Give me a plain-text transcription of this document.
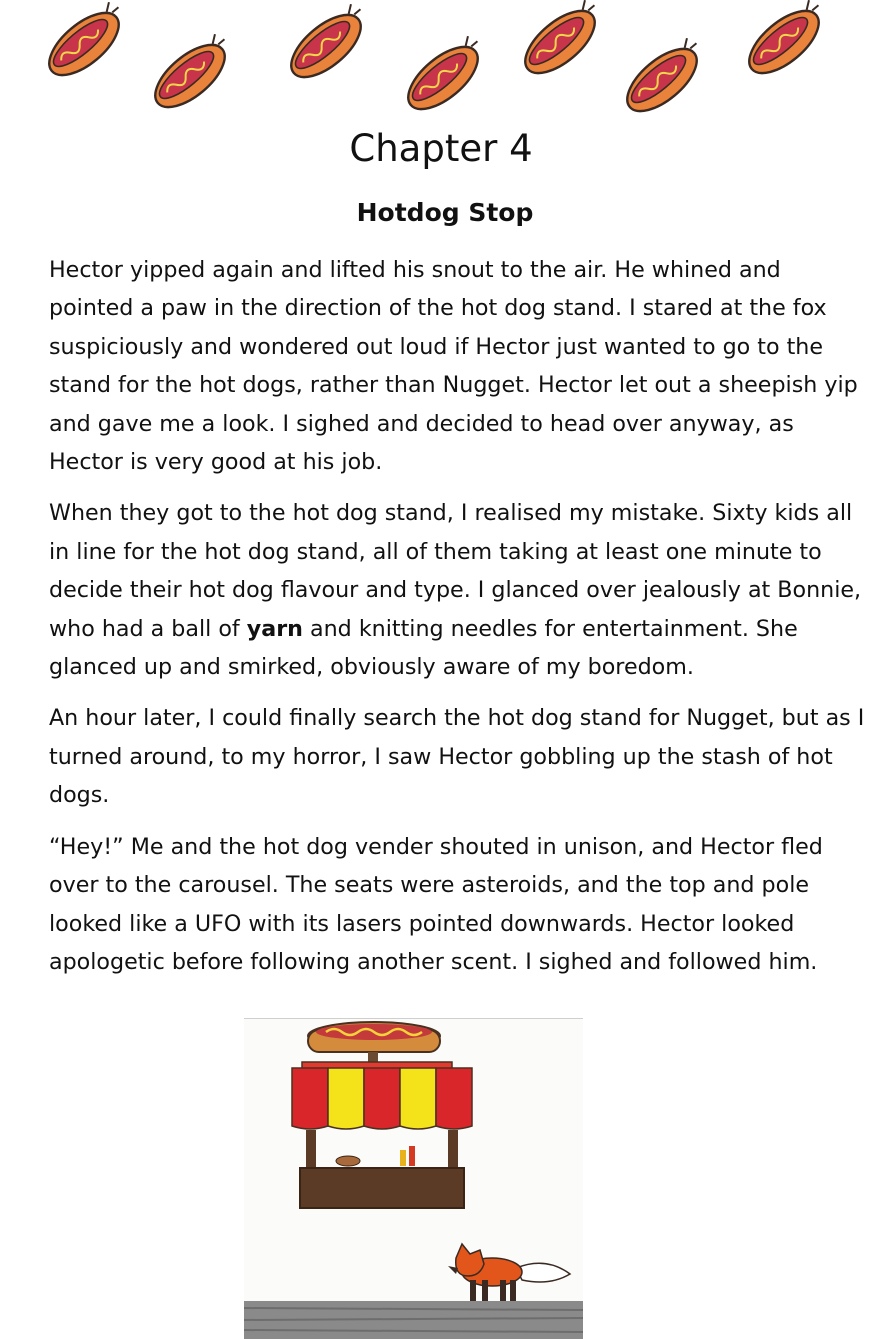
Chapter 4
Hotdog Stop

Hector yipped again and lifted his snout to the air. He whined and pointed a paw in the direction of the hot dog stand. I stared at the fox suspiciously and wondered out loud if Hector just wanted to go to the stand for the hot dogs, rather than Nugget. Hector let out a sheepish yip and gave me a look. I sighed and decided to head over anyway, as Hector is very good at his job.

When they got to the hot dog stand, I realised my mistake. Sixty kids all in line for the hot dog stand, all of them taking at least one minute to decide their hot dog flavour and type. I glanced over jealously at Bonnie, who had a ball of yarn and knitting needles for entertainment. She glanced up and smirked, obviously aware of my boredom.

An hour later, I could finally search the hot dog stand for Nugget, but as I turned around, to my horror, I saw Hector gobbling up the stash of hot dogs.

“Hey!” Me and the hot dog vender shouted in unison, and Hector fled over to the carousel. The seats were asteroids, and the top and pole looked like a UFO with its lasers pointed downwards. Hector looked apologetic before following another scent. I sighed and followed him.
